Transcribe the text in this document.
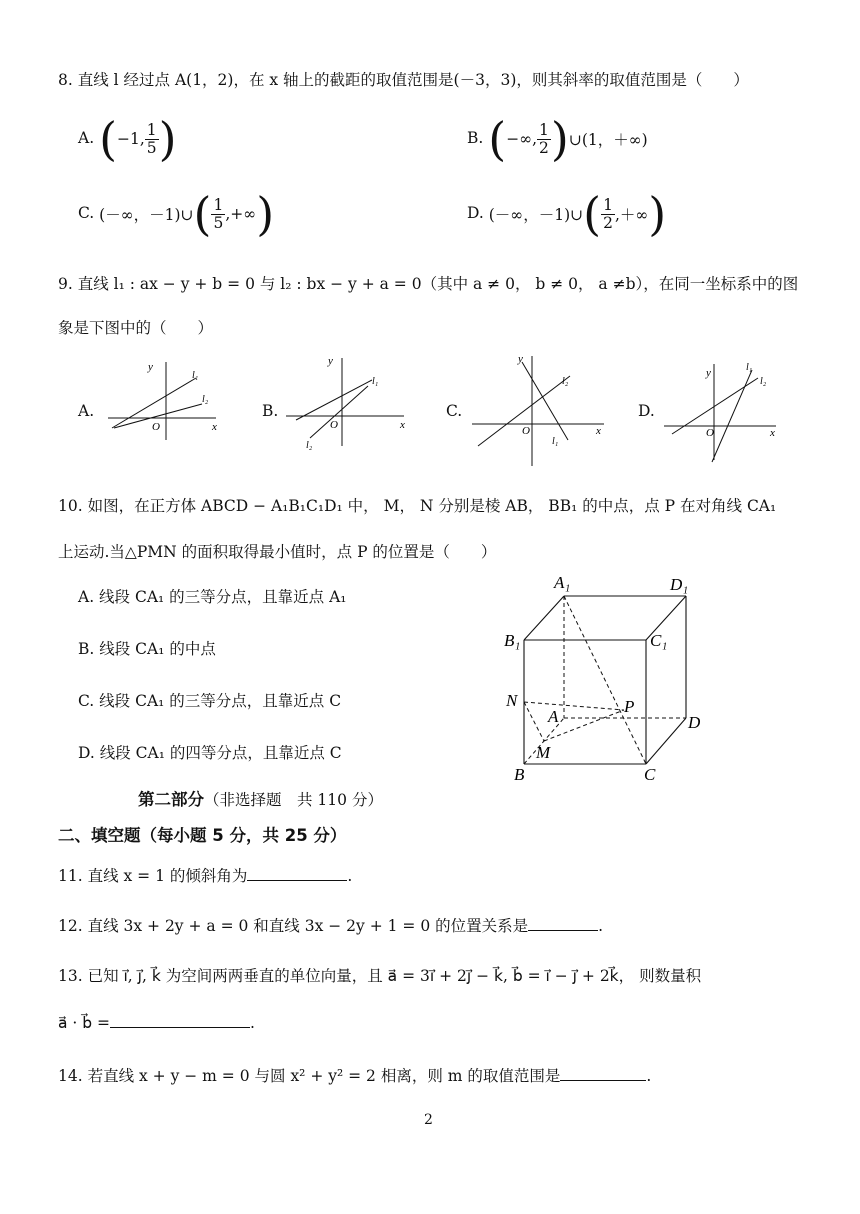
8. 直线 l 经过点 A(1，2)，在 x 轴上的截距的取值范围是(－3，3)，则其斜率的取值范围是（　　）
A. (−1, $\frac{1}{5}$ )	B. (−∞, $\frac{1}{2}$ )∪(1，＋∞)
C. (－∞，－1)∪( $\frac{1}{5}$ ,+∞)	D. (－∞，－1)∪( $\frac{1}{2}$ ,＋∞)
9. 直线 l₁ : ax − y + b = 0 与 l₂ : bx − y + a = 0（其中 a ≠ 0， b ≠ 0， a ≠b），在同一坐标系中的图
象是下图中的（　　）
A.	B.	C.	D.
y
x
O
l₁
l₂
y
x
O
l₁
l₂
y
x
O
l₂
l₁
y
x
O
l₁
l₂
10. 如图，在正方体 ABCD − A₁B₁C₁D₁ 中， M， N 分别是棱 AB， BB₁ 的中点，点 P 在对角线 CA₁
上运动.当△PMN 的面积取得最小值时，点 P 的位置是（　　）
A. 线段 CA₁ 的三等分点，且靠近点 A₁
B. 线段 CA₁ 的中点
C. 线段 CA₁ 的三等分点，且靠近点 C
D. 线段 CA₁ 的四等分点，且靠近点 C
A₁	D₁
B₁	C₁
N	P
A	D
M
B	C
第二部分（非选择题　共 110 分）
二、填空题（每小题 5 分，共 25 分）
11. 直线 x = 1 的倾斜角为	.
12. 直线 3x + 2y + a = 0 和直线 3x − 2y + 1 = 0 的位置关系是	.
13. 已知 i⃗, j⃗, k⃗ 为空间两两垂直的单位向量，且 a⃗ = 3i⃗ + 2j⃗ − k⃗, b⃗ = i⃗ − j⃗ + 2k⃗， 则数量积
a⃗ · b⃗ =	.
14. 若直线 x + y − m = 0 与圆 x² + y² = 2 相离，则 m 的取值范围是	.
2
